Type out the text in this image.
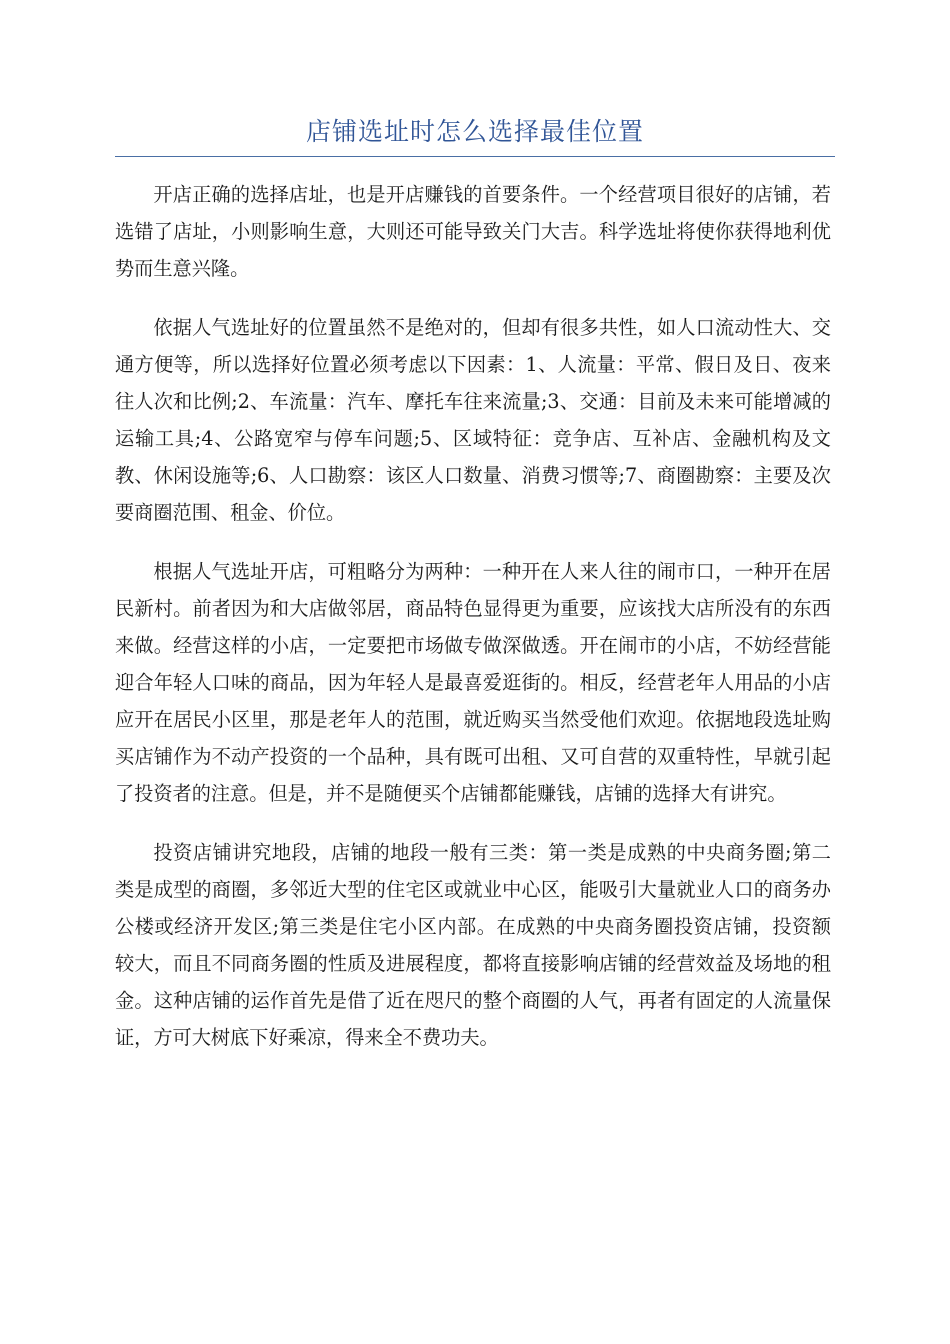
店铺选址时怎么选择最佳位置

开店正确的选择店址，也是开店赚钱的首要条件。一个经营项目很好的店铺，若选错了店址，小则影响生意，大则还可能导致关门大吉。科学选址将使你获得地利优势而生意兴隆。

依据人气选址好的位置虽然不是绝对的，但却有很多共性，如人口流动性大、交通方便等，所以选择好位置必须考虑以下因素：1、人流量：平常、假日及日、夜来往人次和比例;2、车流量：汽车、摩托车往来流量;3、交通：目前及未来可能增减的运输工具;4、公路宽窄与停车问题;5、区域特征：竞争店、互补店、金融机构及文教、休闲设施等;6、人口勘察：该区人口数量、消费习惯等;7、商圈勘察：主要及次要商圈范围、租金、价位。

根据人气选址开店，可粗略分为两种：一种开在人来人往的闹市口，一种开在居民新村。前者因为和大店做邻居，商品特色显得更为重要，应该找大店所没有的东西来做。经营这样的小店，一定要把市场做专做深做透。开在闹市的小店，不妨经营能迎合年轻人口味的商品，因为年轻人是最喜爱逛街的。相反，经营老年人用品的小店应开在居民小区里，那是老年人的范围，就近购买当然受他们欢迎。依据地段选址购买店铺作为不动产投资的一个品种，具有既可出租、又可自营的双重特性，早就引起了投资者的注意。但是，并不是随便买个店铺都能赚钱，店铺的选择大有讲究。

投资店铺讲究地段，店铺的地段一般有三类：第一类是成熟的中央商务圈;第二类是成型的商圈，多邻近大型的住宅区或就业中心区，能吸引大量就业人口的商务办公楼或经济开发区;第三类是住宅小区内部。在成熟的中央商务圈投资店铺，投资额较大，而且不同商务圈的性质及进展程度，都将直接影响店铺的经营效益及场地的租金。这种店铺的运作首先是借了近在咫尺的整个商圈的人气，再者有固定的人流量保证，方可大树底下好乘凉，得来全不费功夫。
